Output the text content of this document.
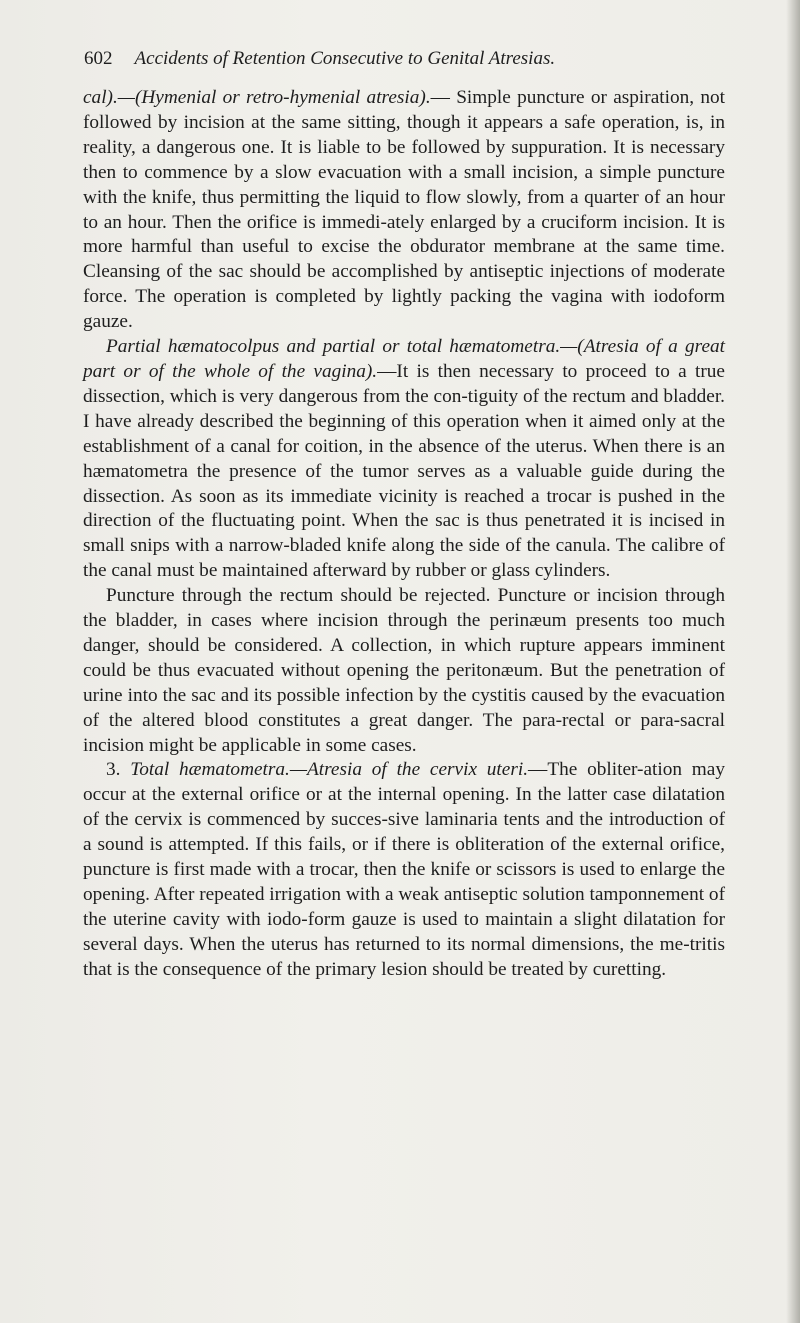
602 Accidents of Retention Consecutive to Genital Atresias.

cal).—(Hymenial or retro-hymenial atresia).— Simple puncture or aspiration, not followed by incision at the same sitting, though it appears a safe operation, is, in reality, a dangerous one. It is liable to be followed by suppuration. It is necessary then to commence by a slow evacuation with a small incision, a simple puncture with the knife, thus permitting the liquid to flow slowly, from a quarter of an hour to an hour. Then the orifice is immedi-ately enlarged by a cruciform incision. It is more harmful than useful to excise the obdurator membrane at the same time. Cleansing of the sac should be accomplished by antiseptic injections of moderate force. The operation is completed by lightly packing the vagina with iodoform gauze.

Partial hæmatocolpus and partial or total hæmatometra.—(Atresia of a great part or of the whole of the vagina).—It is then necessary to proceed to a true dissection, which is very dangerous from the con-tiguity of the rectum and bladder. I have already described the beginning of this operation when it aimed only at the establishment of a canal for coition, in the absence of the uterus. When there is an hæmatometra the presence of the tumor serves as a valuable guide during the dissection. As soon as its immediate vicinity is reached a trocar is pushed in the direction of the fluctuating point. When the sac is thus penetrated it is incised in small snips with a narrow-bladed knife along the side of the canula. The calibre of the canal must be maintained afterward by rubber or glass cylinders.

Puncture through the rectum should be rejected. Puncture or incision through the bladder, in cases where incision through the perinæum presents too much danger, should be considered. A collection, in which rupture appears imminent could be thus evacuated without opening the peritonæum. But the penetration of urine into the sac and its possible infection by the cystitis caused by the evacuation of the altered blood constitutes a great danger. The para-rectal or para-sacral incision might be applicable in some cases.

3. Total hæmatometra.—Atresia of the cervix uteri.—The obliter-ation may occur at the external orifice or at the internal opening. In the latter case dilatation of the cervix is commenced by succes-sive laminaria tents and the introduction of a sound is attempted. If this fails, or if there is obliteration of the external orifice, puncture is first made with a trocar, then the knife or scissors is used to enlarge the opening. After repeated irrigation with a weak antiseptic solution tamponnement of the uterine cavity with iodo-form gauze is used to maintain a slight dilatation for several days. When the uterus has returned to its normal dimensions, the me-tritis that is the consequence of the primary lesion should be treated by curetting.
